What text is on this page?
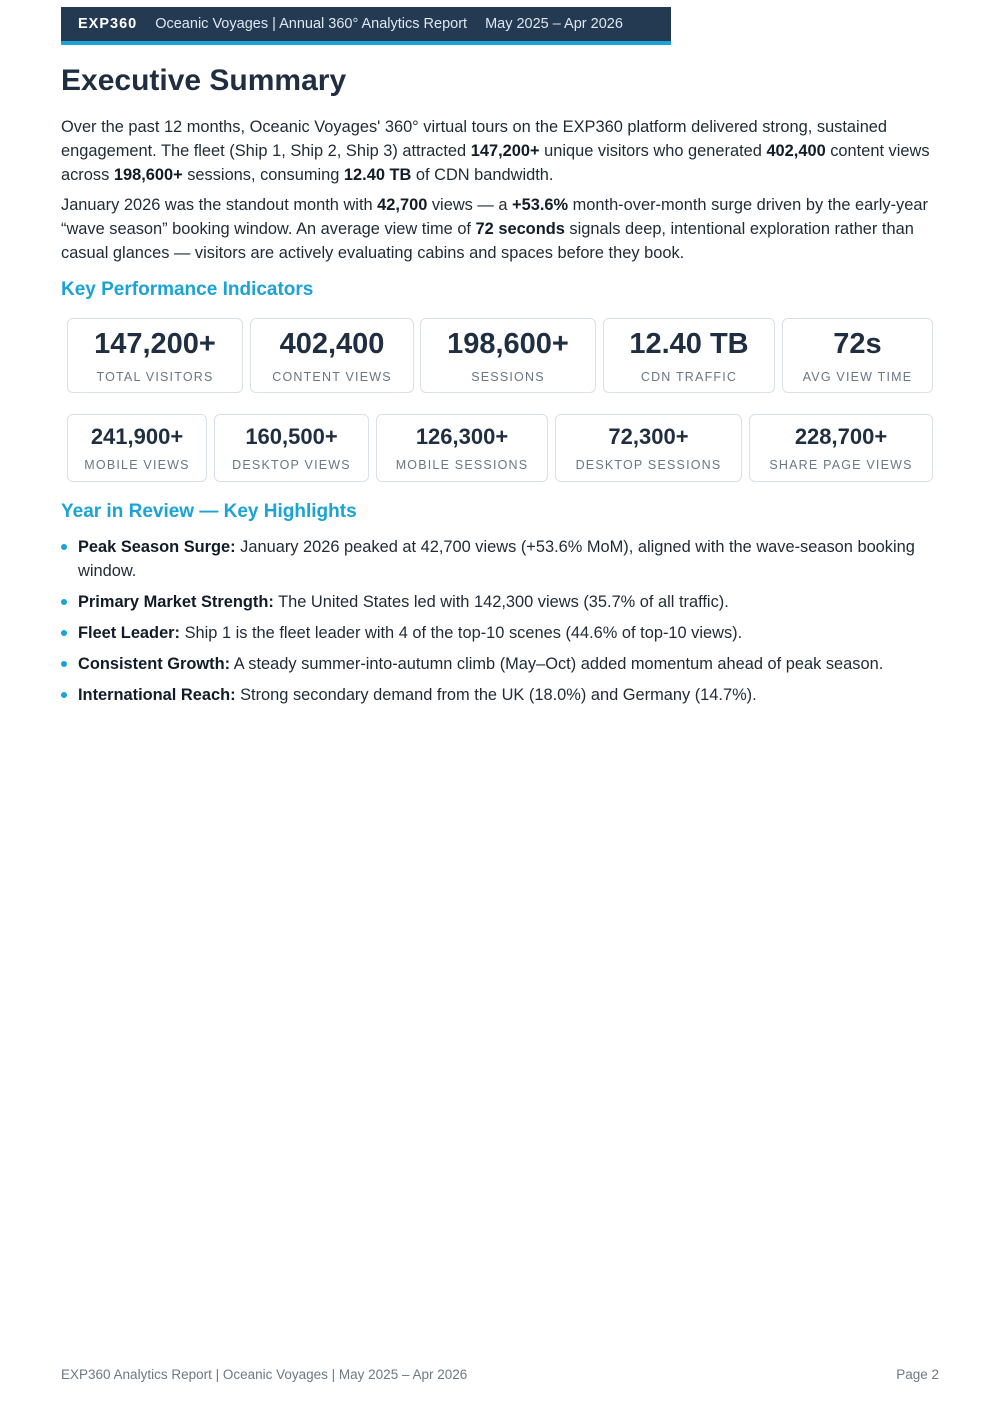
EXP360 Oceanic Voyages | Annual 360° Analytics Report May 2025 – Apr 2026
Executive Summary

Over the past 12 months, Oceanic Voyages' 360° virtual tours on the EXP360 platform delivered strong, sustained engagement. The fleet (Ship 1, Ship 2, Ship 3) attracted 147,200+ unique visitors who generated 402,400 content views across 198,600+ sessions, consuming 12.40 TB of CDN bandwidth.

January 2026 was the standout month with 42,700 views — a +53.6% month-over-month surge driven by the early-year “wave season” booking window. An average view time of 72 seconds signals deep, intentional exploration rather than casual glances — visitors are actively evaluating cabins and spaces before they book.

Key Performance Indicators
147,200+
TOTAL VISITORS
402,400
CONTENT VIEWS
198,600+
SESSIONS
12.40 TB
CDN TRAFFIC
72s
AVG VIEW TIME
241,900+
MOBILE VIEWS
160,500+
DESKTOP VIEWS
126,300+
MOBILE SESSIONS
72,300+
DESKTOP SESSIONS
228,700+
SHARE PAGE VIEWS
Year in Review — Key Highlights
Peak Season Surge: January 2026 peaked at 42,700 views (+53.6% MoM), aligned with the wave-season booking window.
Primary Market Strength: The United States led with 142,300 views (35.7% of all traffic).
Fleet Leader: Ship 1 is the fleet leader with 4 of the top-10 scenes (44.6% of top-10 views).
Consistent Growth: A steady summer-into-autumn climb (May–Oct) added momentum ahead of peak season.
International Reach: Strong secondary demand from the UK (18.0%) and Germany (14.7%).
EXP360 Analytics Report | Oceanic Voyages | May 2025 – Apr 2026	Page 2
